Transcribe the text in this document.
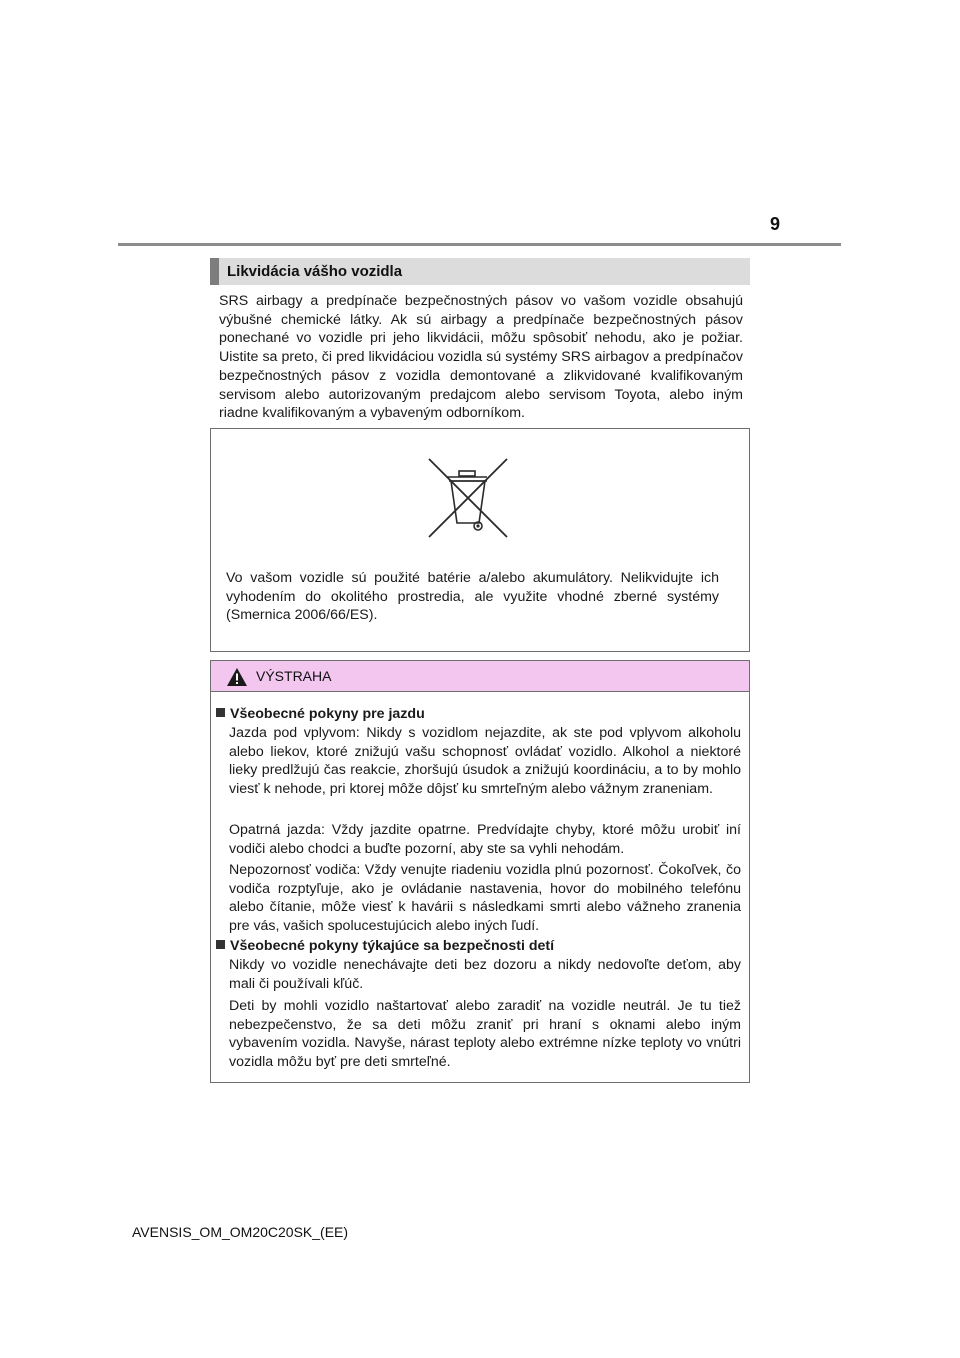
9
Likvidácia vášho vozidla

SRS airbagy a predpínače bezpečnostných pásov vo vašom vozidle obsahujú výbušné chemické látky. Ak sú airbagy a predpínače bezpečnostných pásov ponechané vo vozidle pri jeho likvidácii, môžu spôsobiť nehodu, ako je požiar. Uistite sa preto, či pred likvidáciou vozidla sú systémy SRS airbagov a predpínačov bezpečnostných pásov z vozidla demontované a zlikvidované kvalifikovaným servisom alebo autorizovaným predajcom alebo servisom Toyota, alebo iným riadne kvalifikovaným a vybaveným odborníkom.

Vo vašom vozidle sú použité batérie a/alebo akumulátory. Nelikvidujte ich vyhodením do okolitého prostredia, ale využite vhodné zberné systémy (Smernica 2006/66/ES).

VÝSTRAHA
Všeobecné pokyny pre jazdu

Jazda pod vplyvom: Nikdy s vozidlom nejazdite, ak ste pod vplyvom alkoholu alebo liekov, ktoré znižujú vašu schopnosť ovládať vozidlo. Alkohol a niektoré lieky predlžujú čas reakcie, zhoršujú úsudok a znižujú koordináciu, a to by mohlo viesť k nehode, pri ktorej môže dôjsť ku smrteľným alebo vážnym zraneniam.

Opatrná jazda: Vždy jazdite opatrne. Predvídajte chyby, ktoré môžu urobiť iní vodiči alebo chodci a buďte pozorní, aby ste sa vyhli nehodám.

Nepozornosť vodiča: Vždy venujte riadeniu vozidla plnú pozornosť. Čokoľvek, čo vodiča rozptyľuje, ako je ovládanie nastavenia, hovor do mobilného telefónu alebo čítanie, môže viesť k havárii s následkami smrti alebo vážneho zranenia pre vás, vašich spolucestujúcich alebo iných ľudí.

Všeobecné pokyny týkajúce sa bezpečnosti detí

Nikdy vo vozidle nenechávajte deti bez dozoru a nikdy nedovoľte deťom, aby mali či používali kľúč.

Deti by mohli vozidlo naštartovať alebo zaradiť na vozidle neutrál. Je tu tiež nebezpečenstvo, že sa deti môžu zraniť pri hraní s oknami alebo iným vybavením vozidla. Navyše, nárast teploty alebo extrémne nízke teploty vo vnútri vozidla môžu byť pre deti smrteľné.

AVENSIS_OM_OM20C20SK_(EE)
